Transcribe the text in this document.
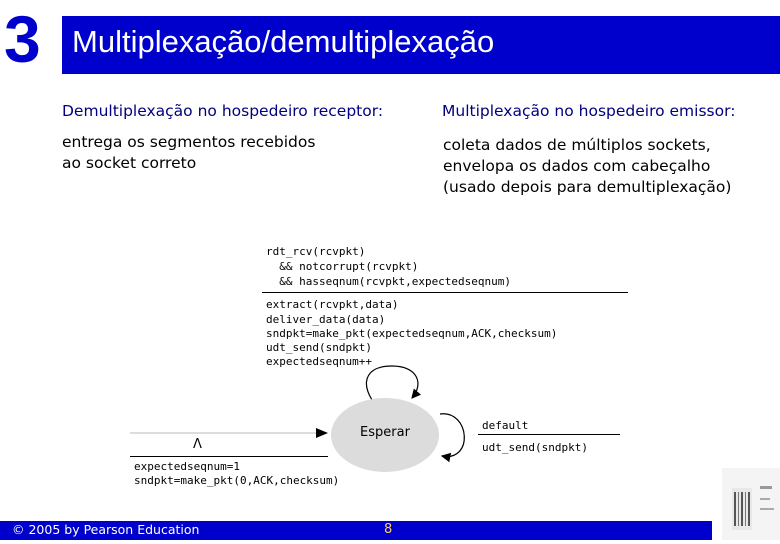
3 Multiplexação/demultiplexação
Demultiplexação no hospedeiro receptor:
entrega os segmentos recebidos
ao socket correto
Multiplexação no hospedeiro emissor:
coleta dados de múltiplos sockets,
envelopa os dados com cabeçalho
(usado depois para demultiplexação)
rdt_rcv(rcvpkt)
&& notcorrupt(rcvpkt)
&& hasseqnum(rcvpkt,expectedseqnum)
extract(rcvpkt,data)
deliver_data(data)
sndpkt=make_pkt(expectedseqnum,ACK,checksum)
udt_send(sndpkt)
expectedseqnum++
Esperar
Λ
expectedseqnum=1
sndpkt=make_pkt(0,ACK,checksum)
default
udt_send(sndpkt)
© 2005 by Pearson Education	8
